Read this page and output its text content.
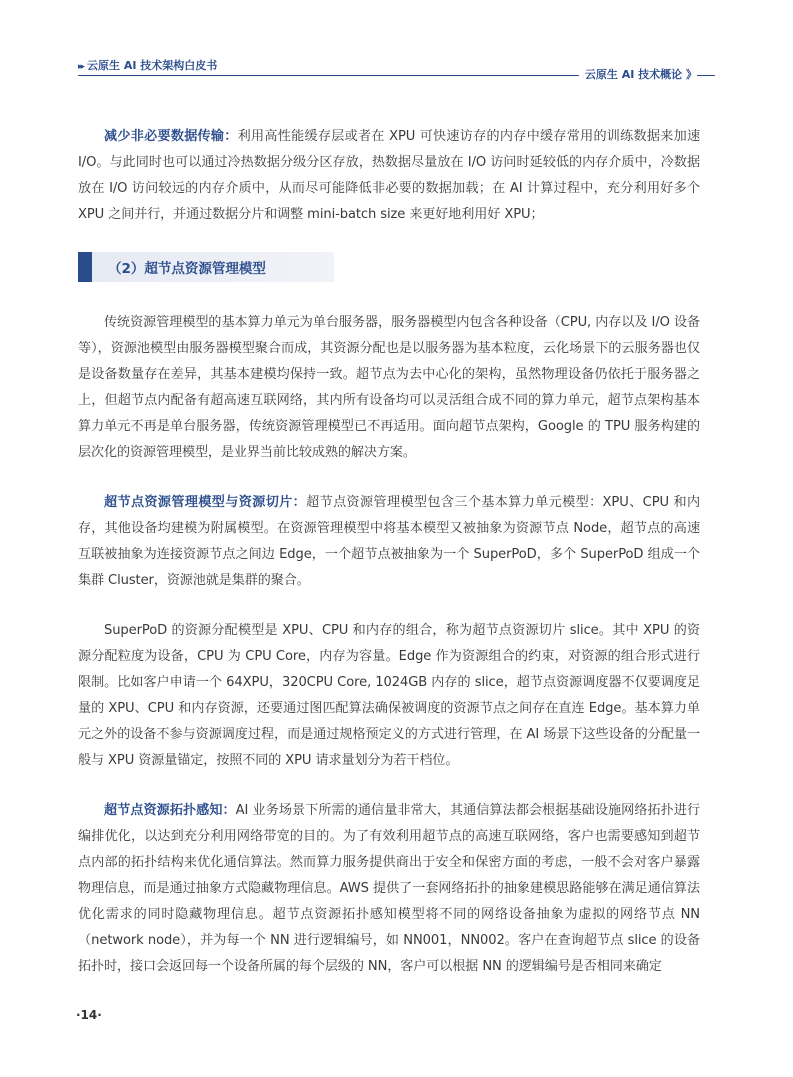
▸▸ 云原生 AI 技术架构白皮书
云原生 AI 技术概论 》

减少非必要数据传输：利用高性能缓存层或者在 XPU 可快速访存的内存中缓存常用的训练数据来加速 I/O。与此同时也可以通过冷热数据分级分区存放，热数据尽量放在 I/O 访问时延较低的内存介质中，冷数据放在 I/O 访问较远的内存介质中，从而尽可能降低非必要的数据加载；在 AI 计算过程中，充分利用好多个 XPU 之间并行，并通过数据分片和调整 mini-batch size 来更好地利用好 XPU；

（2）超节点资源管理模型

传统资源管理模型的基本算力单元为单台服务器，服务器模型内包含各种设备（CPU, 内存以及 I/O 设备等），资源池模型由服务器模型聚合而成，其资源分配也是以服务器为基本粒度，云化场景下的云服务器也仅是设备数量存在差异，其基本建模均保持一致。超节点为去中心化的架构，虽然物理设备仍依托于服务器之上，但超节点内配备有超高速互联网络，其内所有设备均可以灵活组合成不同的算力单元，超节点架构基本算力单元不再是单台服务器，传统资源管理模型已不再适用。面向超节点架构，Google 的 TPU 服务构建的层次化的资源管理模型，是业界当前比较成熟的解决方案。

超节点资源管理模型与资源切片：超节点资源管理模型包含三个基本算力单元模型：XPU、CPU 和内存，其他设备均建模为附属模型。在资源管理模型中将基本模型又被抽象为资源节点 Node，超节点的高速互联被抽象为连接资源节点之间边 Edge，一个超节点被抽象为一个 SuperPoD，多个 SuperPoD 组成一个集群 Cluster，资源池就是集群的聚合。

SuperPoD 的资源分配模型是 XPU、CPU 和内存的组合，称为超节点资源切片 slice。其中 XPU 的资源分配粒度为设备，CPU 为 CPU Core，内存为容量。Edge 作为资源组合的约束，对资源的组合形式进行限制。比如客户申请一个 64XPU，320CPU Core, 1024GB 内存的 slice，超节点资源调度器不仅要调度足量的 XPU、CPU 和内存资源，还要通过图匹配算法确保被调度的资源节点之间存在直连 Edge。基本算力单元之外的设备不参与资源调度过程，而是通过规格预定义的方式进行管理，在 AI 场景下这些设备的分配量一般与 XPU 资源量锚定，按照不同的 XPU 请求量划分为若干档位。

超节点资源拓扑感知：AI 业务场景下所需的通信量非常大，其通信算法都会根据基础设施网络拓扑进行编排优化，以达到充分利用网络带宽的目的。为了有效利用超节点的高速互联网络，客户也需要感知到超节点内部的拓扑结构来优化通信算法。然而算力服务提供商出于安全和保密方面的考虑，一般不会对客户暴露物理信息，而是通过抽象方式隐藏物理信息。AWS 提供了一套网络拓扑的抽象建模思路能够在满足通信算法优化需求的同时隐藏物理信息。超节点资源拓扑感知模型将不同的网络设备抽象为虚拟的网络节点 NN（network node），并为每一个 NN 进行逻辑编号，如 NN001，NN002。客户在查询超节点 slice 的设备拓扑时，接口会返回每一个设备所属的每个层级的 NN，客户可以根据 NN 的逻辑编号是否相同来确定

·14·
